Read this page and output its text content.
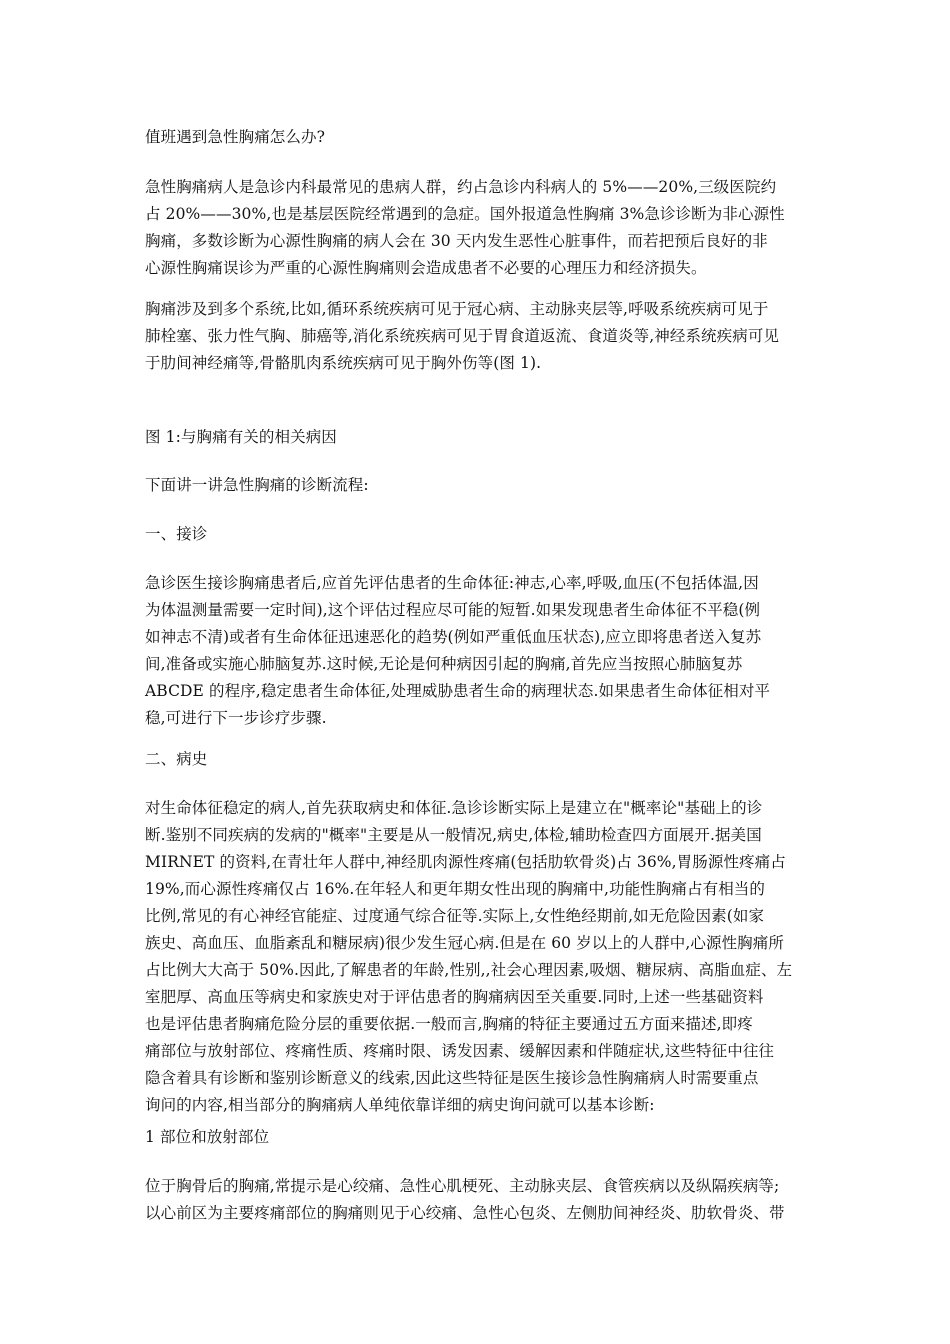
值班遇到急性胸痛怎么办?
急性胸痛病人是急诊内科最常见的患病人群，约占急诊内科病人的 5%——20%,三级医院约
占 20%——30%,也是基层医院经常遇到的急症。国外报道急性胸痛 3%急诊诊断为非心源性
胸痛，多数诊断为心源性胸痛的病人会在 30 天内发生恶性心脏事件，而若把预后良好的非
心源性胸痛误诊为严重的心源性胸痛则会造成患者不必要的心理压力和经济损失。
胸痛涉及到多个系统,比如,循环系统疾病可见于冠心病、主动脉夹层等,呼吸系统疾病可见于
肺栓塞、张力性气胸、肺癌等,消化系统疾病可见于胃食道返流、食道炎等,神经系统疾病可见
于肋间神经痛等,骨骼肌肉系统疾病可见于胸外伤等(图 1).
图 1:与胸痛有关的相关病因
下面讲一讲急性胸痛的诊断流程:
一、接诊
急诊医生接诊胸痛患者后,应首先评估患者的生命体征:神志,心率,呼吸,血压(不包括体温,因
为体温测量需要一定时间),这个评估过程应尽可能的短暂.如果发现患者生命体征不平稳(例
如神志不清)或者有生命体征迅速恶化的趋势(例如严重低血压状态),应立即将患者送入复苏
间,准备或实施心肺脑复苏.这时候,无论是何种病因引起的胸痛,首先应当按照心肺脑复苏
ABCDE 的程序,稳定患者生命体征,处理威胁患者生命的病理状态.如果患者生命体征相对平
稳,可进行下一步诊疗步骤.
二、病史
对生命体征稳定的病人,首先获取病史和体征.急诊诊断实际上是建立在"概率论"基础上的诊
断.鉴别不同疾病的发病的"概率"主要是从一般情况,病史,体检,辅助检查四方面展开.据美国
MIRNET 的资料,在青壮年人群中,神经肌肉源性疼痛(包括肋软骨炎)占 36%,胃肠源性疼痛占
19%,而心源性疼痛仅占 16%.在年轻人和更年期女性出现的胸痛中,功能性胸痛占有相当的
比例,常见的有心神经官能症、过度通气综合征等.实际上,女性绝经期前,如无危险因素(如家
族史、高血压、血脂紊乱和糖尿病)很少发生冠心病.但是在 60 岁以上的人群中,心源性胸痛所
占比例大大高于 50%.因此,了解患者的年龄,性别,,社会心理因素,吸烟、糖尿病、高脂血症、左
室肥厚、高血压等病史和家族史对于评估患者的胸痛病因至关重要.同时,上述一些基础资料
也是评估患者胸痛危险分层的重要依据.一般而言,胸痛的特征主要通过五方面来描述,即疼
痛部位与放射部位、疼痛性质、疼痛时限、诱发因素、缓解因素和伴随症状,这些特征中往往
隐含着具有诊断和鉴别诊断意义的线索,因此这些特征是医生接诊急性胸痛病人时需要重点
询问的内容,相当部分的胸痛病人单纯依靠详细的病史询问就可以基本诊断:
1 部位和放射部位
位于胸骨后的胸痛,常提示是心绞痛、急性心肌梗死、主动脉夹层、食管疾病以及纵隔疾病等;
以心前区为主要疼痛部位的胸痛则见于心绞痛、急性心包炎、左侧肋间神经炎、肋软骨炎、带
